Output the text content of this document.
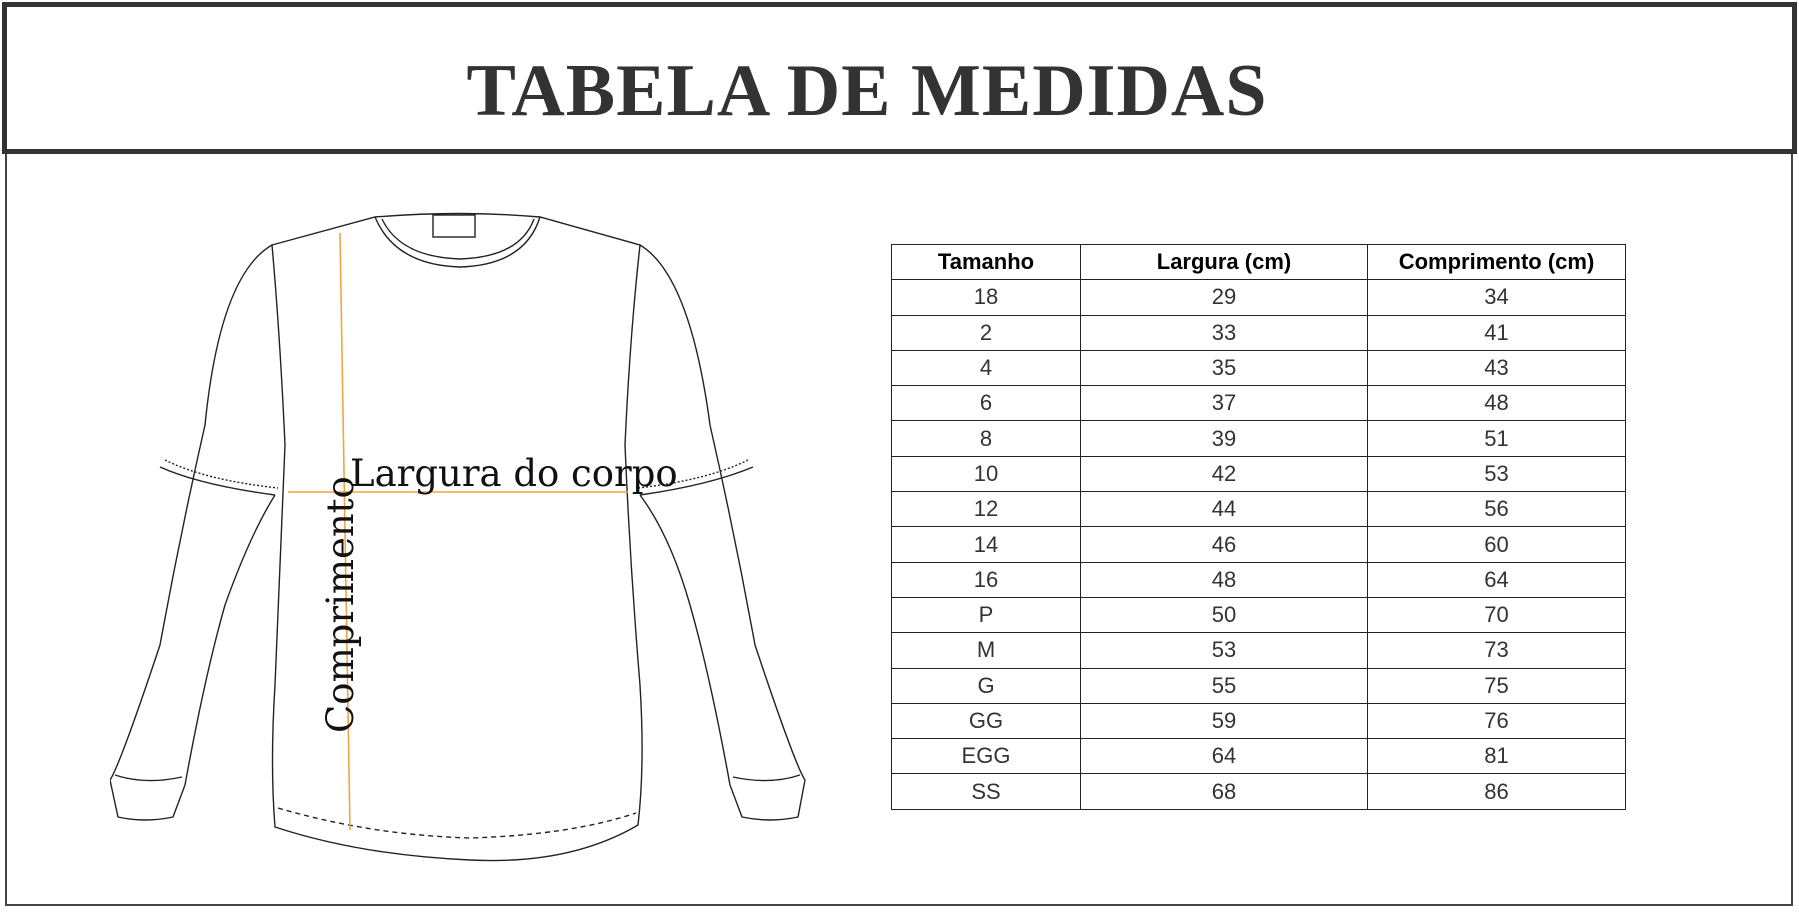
TABELA DE MEDIDAS
Largura do corpo
Comprimento
Tamanho	Largura (cm)	Comprimento (cm)
18	29	34
2	33	41
4	35	43
6	37	48
8	39	51
10	42	53
12	44	56
14	46	60
16	48	64
P	50	70
M	53	73
G	55	75
GG	59	76
EGG	64	81
SS	68	86
